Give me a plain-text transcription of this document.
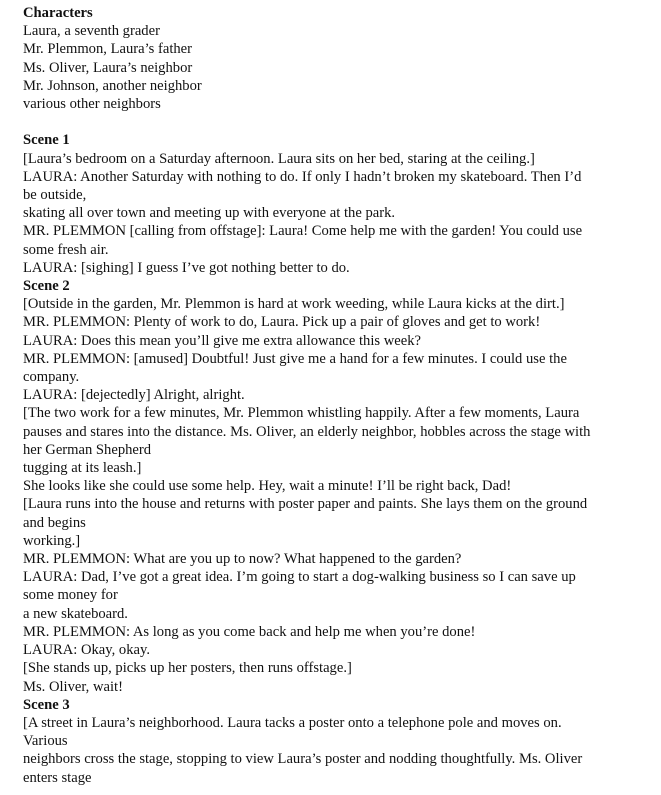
Characters
Laura, a seventh grader
Mr. Plemmon, Laura’s father
Ms. Oliver, Laura’s neighbor
Mr. Johnson, another neighbor
various other neighbors
Scene 1
[Laura’s bedroom on a Saturday afternoon. Laura sits on her bed, staring at the ceiling.]
LAURA: Another Saturday with nothing to do. If only I hadn’t broken my skateboard. Then I’d
be outside,
skating all over town and meeting up with everyone at the park.
MR. PLEMMON [calling from offstage]: Laura! Come help me with the garden! You could use
some fresh air.
LAURA: [sighing] I guess I’ve got nothing better to do.
Scene 2
[Outside in the garden, Mr. Plemmon is hard at work weeding, while Laura kicks at the dirt.]
MR. PLEMMON: Plenty of work to do, Laura. Pick up a pair of gloves and get to work!
LAURA: Does this mean you’ll give me extra allowance this week?
MR. PLEMMON: [amused] Doubtful! Just give me a hand for a few minutes. I could use the
company.
LAURA: [dejectedly] Alright, alright.
[The two work for a few minutes, Mr. Plemmon whistling happily. After a few moments, Laura
pauses and stares into the distance. Ms. Oliver, an elderly neighbor, hobbles across the stage with
her German Shepherd
tugging at its leash.]
She looks like she could use some help. Hey, wait a minute! I’ll be right back, Dad!
[Laura runs into the house and returns with poster paper and paints. She lays them on the ground
and begins
working.]
MR. PLEMMON: What are you up to now? What happened to the garden?
LAURA: Dad, I’ve got a great idea. I’m going to start a dog-walking business so I can save up
some money for
a new skateboard.
MR. PLEMMON: As long as you come back and help me when you’re done!
LAURA: Okay, okay.
[She stands up, picks up her posters, then runs offstage.]
Ms. Oliver, wait!
Scene 3
[A street in Laura’s neighborhood. Laura tacks a poster onto a telephone pole and moves on.
Various
neighbors cross the stage, stopping to view Laura’s poster and nodding thoughtfully. Ms. Oliver
enters stage
